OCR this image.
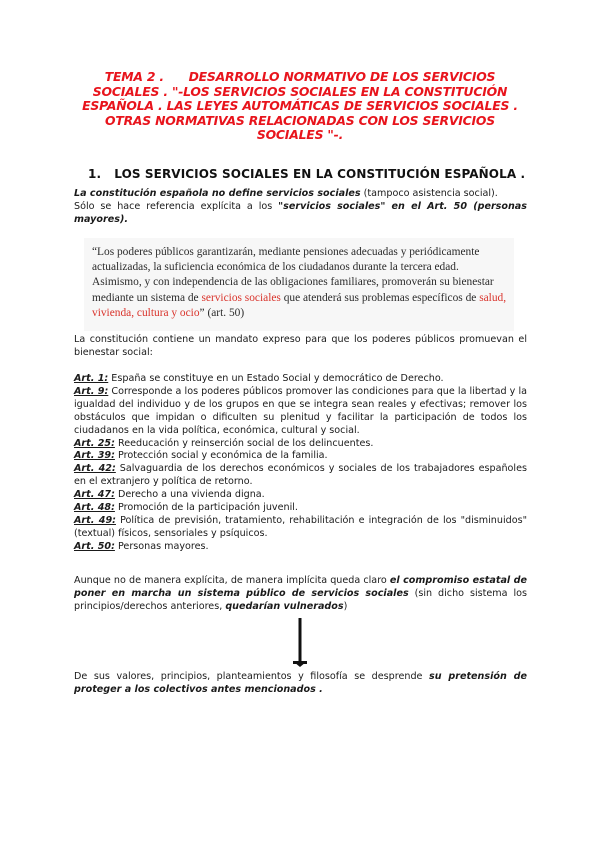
TEMA 2 .      DESARROLLO NORMATIVO DE LOS SERVICIOS
SOCIALES . "-LOS SERVICIOS SOCIALES EN LA CONSTITUCIÓN
ESPAÑOLA . LAS LEYES AUTOMÁTICAS DE SERVICIOS SOCIALES .
OTRAS NORMATIVAS RELACIONADAS CON LOS SERVICIOS
SOCIALES "-.
1. LOS SERVICIOS SOCIALES EN LA CONSTITUCIÓN ESPAÑOLA .
La constitución española no define servicios sociales (tampoco asistencia social).
Sólo se hace referencia explícita a los "servicios sociales" en el Art. 50 (personas mayores).
“Los poderes públicos garantizarán, mediante pensiones adecuadas y periódicamente actualizadas, la suficiencia económica de los ciudadanos durante la tercera edad. Asimismo, y con independencia de las obligaciones familiares, promoverán su bienestar mediante un sistema de servicios sociales que atenderá sus problemas específicos de salud, vivienda, cultura y ocio” (art. 50)
La constitución contiene un mandato expreso para que los poderes públicos promuevan el bienestar social:
Art. 1: España se constituye en un Estado Social y democrático de Derecho.
Art. 9: Corresponde a los poderes públicos promover las condiciones para que la libertad y la igualdad del individuo y de los grupos en que se integra sean reales y efectivas; remover los obstáculos que impidan o dificulten su plenitud y facilitar la participación de todos los ciudadanos en la vida política, económica, cultural y social.
Art. 25: Reeducación y reinserción social de los delincuentes.
Art. 39: Protección social y económica de la familia.
Art. 42: Salvaguardia de los derechos económicos y sociales de los trabajadores españoles en el extranjero y política de retorno.
Art. 47: Derecho a una vivienda digna.
Art. 48: Promoción de la participación juvenil.
Art. 49: Política de previsión, tratamiento, rehabilitación e integración de los "disminuidos" (textual) físicos, sensoriales y psíquicos.
Art. 50: Personas mayores.
Aunque no de manera explícita, de manera implícita queda claro el compromiso estatal de poner en marcha un sistema público de servicios sociales (sin dicho sistema los principios/derechos anteriores, quedarían vulnerados)
De sus valores, principios, planteamientos y filosofía se desprende su pretensión de proteger a los colectivos antes mencionados .
